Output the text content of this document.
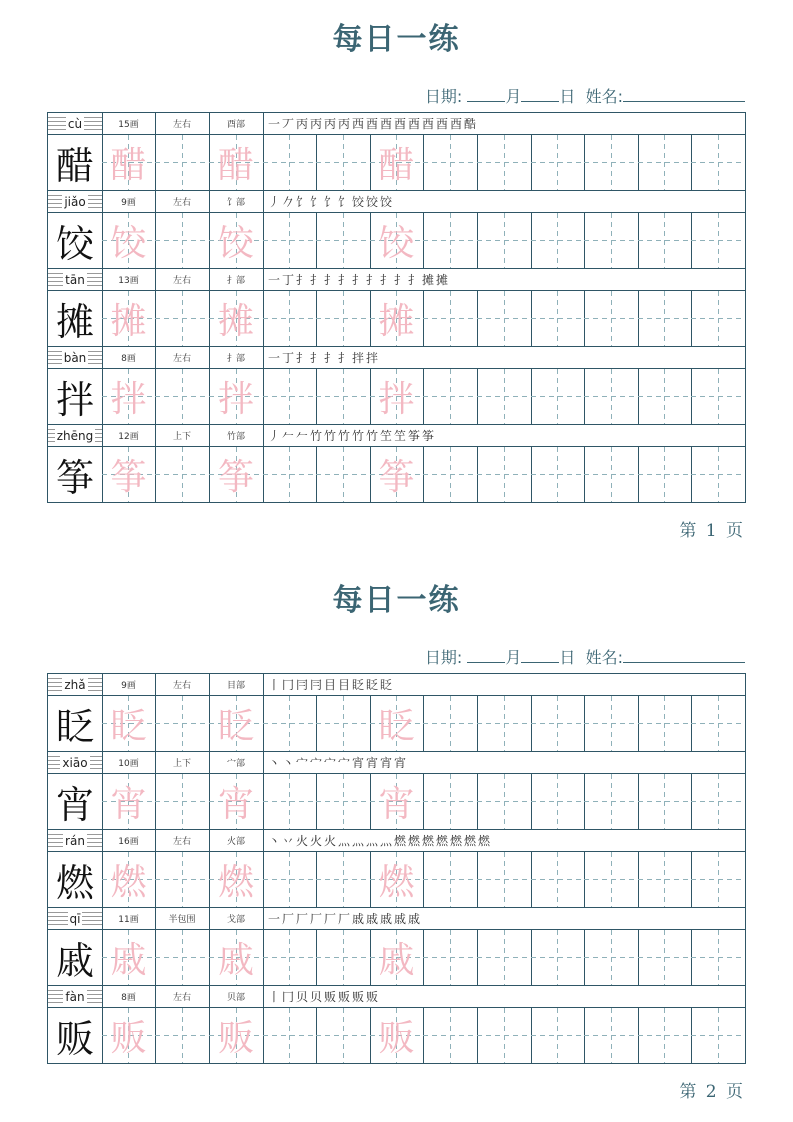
每日一练
日期:	月 日 姓名:
cù	15画	左右	酉部	一丆丙丙丙丙西酉酉酉酉酉酉酉酷
醋 醋 醋	醋
jiǎo	9画	左右	饣部	丿𠂊饣饣饣饣饺饺饺
饺 饺 饺	饺
tān	13画	左右	扌部	一丁扌扌扌扌扌扌扌扌扌摊摊
摊 摊 摊	摊
bàn	8画	左右	扌部	一丁扌扌扌扌拌拌
拌 拌 拌	拌
zhēng	12画	上下	竹部	丿𠂉𠂉竹竹竹竹竹笁笁筝筝
筝 筝 筝	筝
第 1 页
每日一练
日期:	月 日 姓名:
zhǎ	9画	左右	目部	丨冂冃冃目目眨眨眨
眨 眨 眨	眨
xiāo	10画	上下	宀部	丶丶宀宀宀宀宵宵宵宵
宵 宵 宵	宵
rán	16画	左右	火部	丶丷火火火灬灬灬灬燃燃燃燃燃燃燃
燃 燃 燃	燃
qī	11画	半包围	戈部	一厂厂厂厂厂戚戚戚戚戚
戚 戚 戚	戚
fàn	8画	左右	贝部	丨冂贝贝贩贩贩贩
贩 贩 贩	贩
第 2 页
